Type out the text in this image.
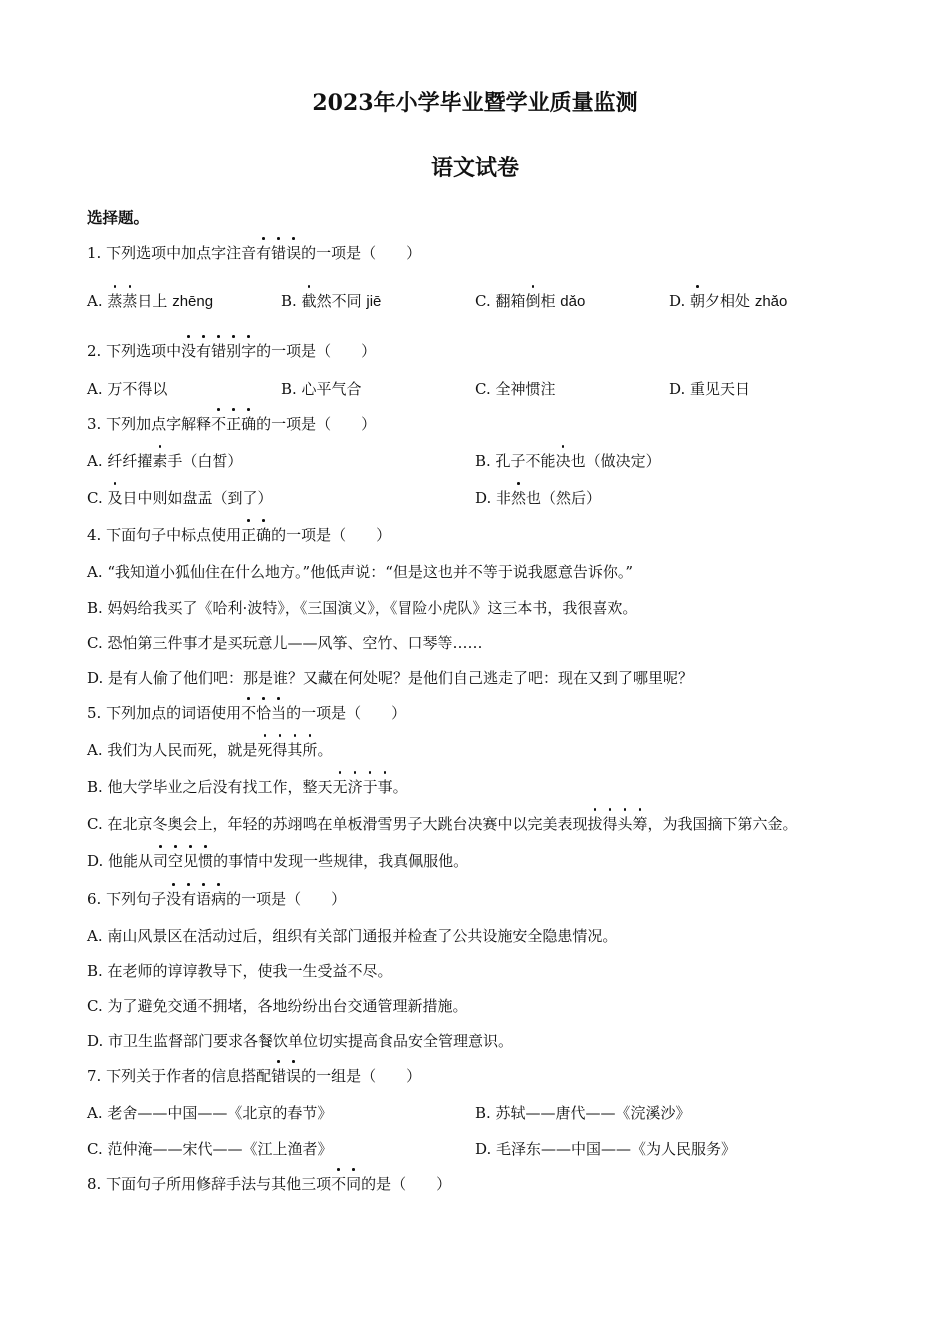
2023年小学毕业暨学业质量监测
语文试卷
选择题。
1. 下列选项中加点字注音有错误的一项是（　　）
A. 蒸蒸日上 zhēng	B. 截然不同 jiē	C. 翻箱倒柜 dǎo	D. 朝夕相处 zhǎo
2. 下列选项中没有错别字的一项是（　　）
A. 万不得以	B. 心平气合	C. 全神惯注	D. 重见天日
3. 下列加点字解释不正确的一项是（　　）
A. 纤纤擢素手（白皙）	B. 孔子不能决也（做决定）
C. 及日中则如盘盂（到了）	D. 非然也（然后）
4. 下面句子中标点使用正确的一项是（　　）
A. “我知道小狐仙住在什么地方。”他低声说：“但是这也并不等于说我愿意告诉你。”
B. 妈妈给我买了《哈利·波特》，《三国演义》，《冒险小虎队》这三本书，我很喜欢。
C. 恐怕第三件事才是买玩意儿——风筝、空竹、口琴等……
D. 是有人偷了他们吧：那是谁？又藏在何处呢？是他们自己逃走了吧：现在又到了哪里呢？
5. 下列加点的词语使用不恰当的一项是（　　）
A. 我们为人民而死，就是死得其所。
B. 他大学毕业之后没有找工作，整天无济于事。
C. 在北京冬奥会上，年轻的苏翊鸣在单板滑雪男子大跳台决赛中以完美表现拔得头筹，为我国摘下第六金。
D. 他能从司空见惯的事情中发现一些规律，我真佩服他。
6. 下列句子没有语病的一项是（　　）
A. 南山风景区在活动过后，组织有关部门通报并检查了公共设施安全隐患情况。
B. 在老师的谆谆教导下，使我一生受益不尽。
C. 为了避免交通不拥堵，各地纷纷出台交通管理新措施。
D. 市卫生监督部门要求各餐饮单位切实提高食品安全管理意识。
7. 下列关于作者的信息搭配错误的一组是（　　）
A. 老舍——中国——《北京的春节》	B. 苏轼——唐代——《浣溪沙》
C. 范仲淹——宋代——《江上渔者》	D. 毛泽东——中国——《为人民服务》
8. 下面句子所用修辞手法与其他三项不同的是（　　）
